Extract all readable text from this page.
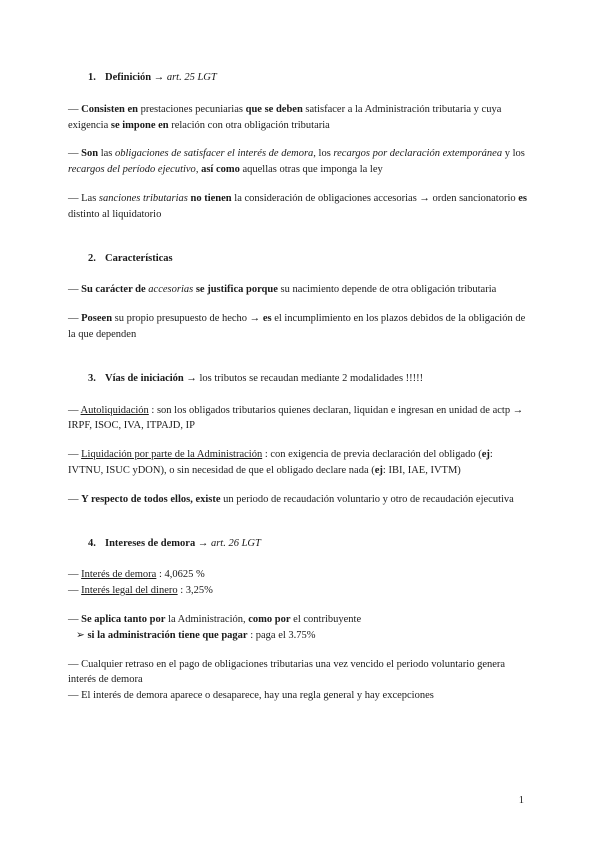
1. Definición → art. 25 LGT
— Consisten en prestaciones pecuniarias que se deben satisfacer a la Administración tributaria y cuya exigencia se impone en relación con otra obligación tributaria
— Son las obligaciones de satisfacer el interés de demora, los recargos por declaración extemporánea y los recargos del período ejecutivo, así como aquellas otras que imponga la ley
— Las sanciones tributarias no tienen la consideración de obligaciones accesorias → orden sancionatorio es distinto al liquidatorio
2. Características
— Su carácter de accesorias se justifica porque su nacimiento depende de otra obligación tributaria
— Poseen su propio presupuesto de hecho → es el incumplimiento en los plazos debidos de la obligación de la que dependen
3. Vías de iniciación → los tributos se recaudan mediante 2 modalidades !!!!!
— Autoliquidación : son los obligados tributarios quienes declaran, liquidan e ingresan en unidad de actp → IRPF, ISOC, IVA, ITPAJD, IP
— Liquidación por parte de la Administración : con exigencia de previa declaración del obligado (ej: IVTNU, ISUC yDON), o sin necesidad de que el obligado declare nada (ej: IBI, IAE, IVTM)
— Y respecto de todos ellos, existe un periodo de recaudación voluntario y otro de recaudación ejecutiva
4. Intereses de demora → art. 26 LGT
— Interés de demora : 4,0625 %
— Interés legal del dinero : 3,25%
— Se aplica tanto por la Administración, como por el contribuyente
➢ si la administración tiene que pagar : paga el 3.75%
— Cualquier retraso en el pago de obligaciones tributarias una vez vencido el periodo voluntario genera interés de demora
— El interés de demora aparece o desaparece, hay una regla general y hay excepciones
1
